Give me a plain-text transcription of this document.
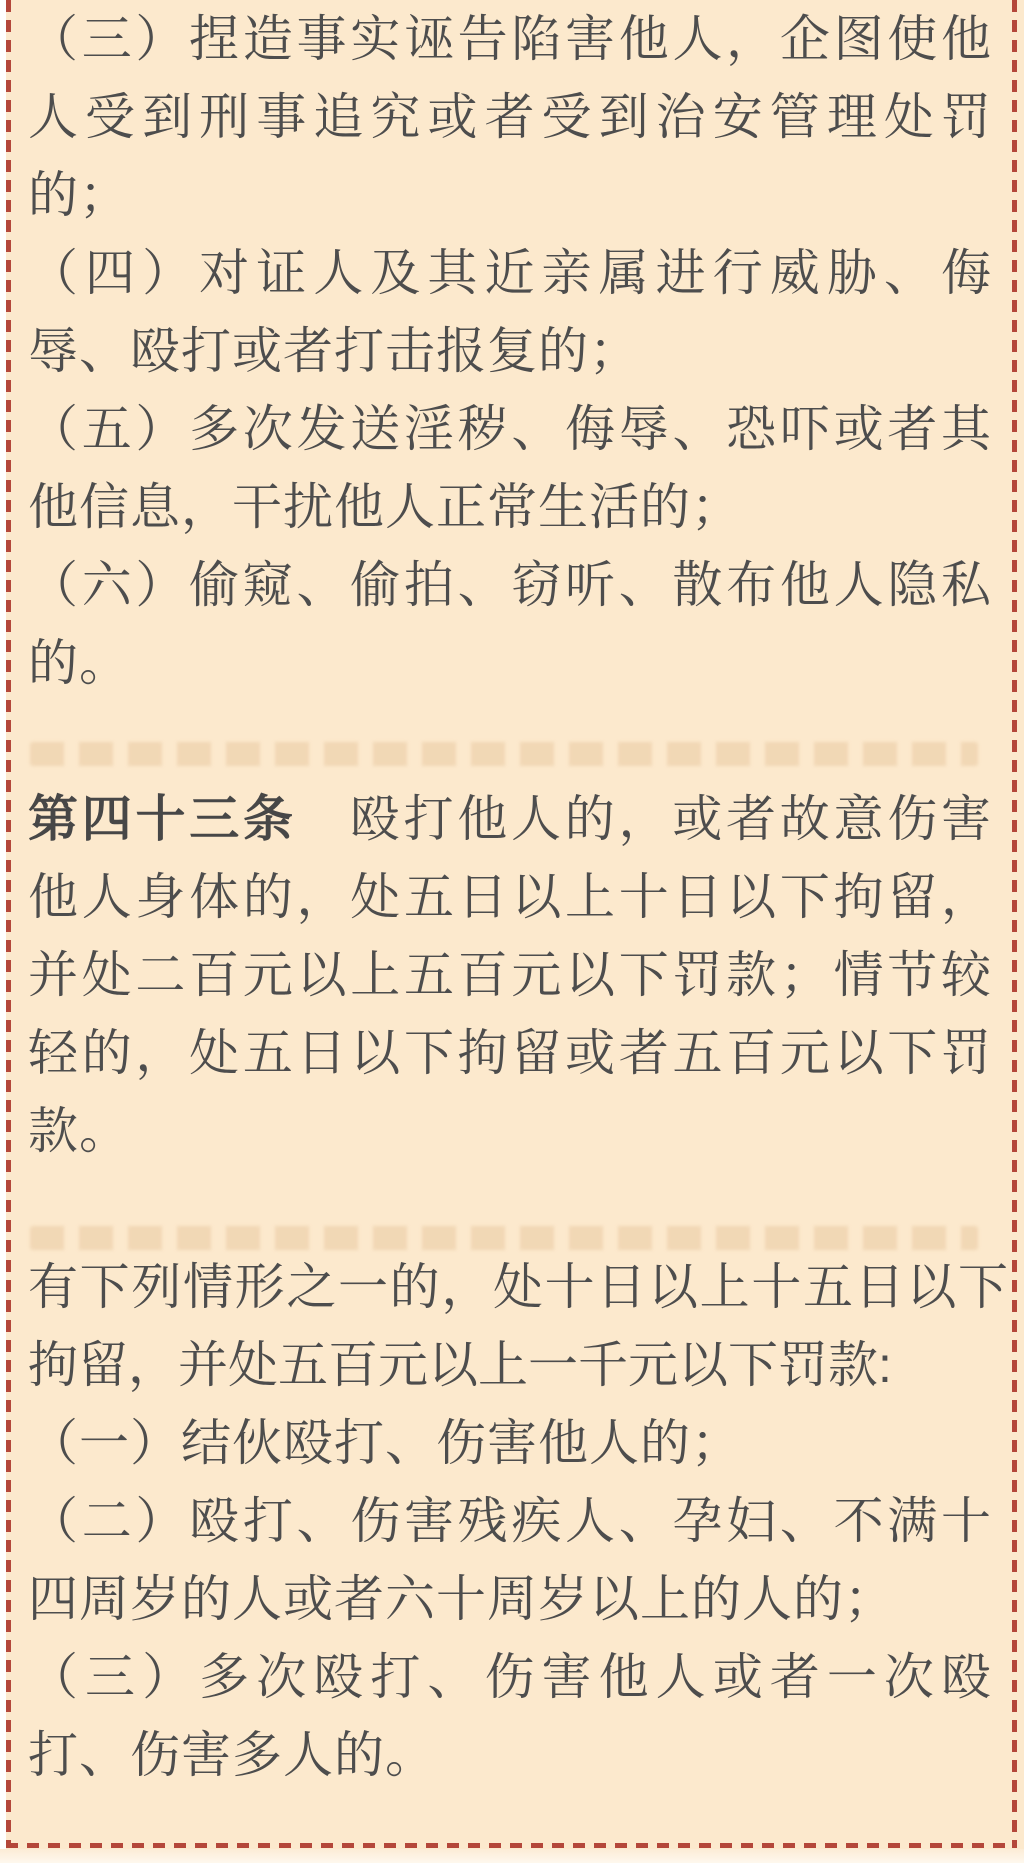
（三）捏造事实诬告陷害他人，企图使他人受到刑事追究或者受到治安管理处罚的；

（四）对证人及其近亲属进行威胁、侮辱、殴打或者打击报复的；

（五）多次发送淫秽、侮辱、恐吓或者其他信息，干扰他人正常生活的；

（六）偷窥、偷拍、窃听、散布他人隐私的。

第四十三条 殴打他人的，或者故意伤害他人身体的，处五日以上十日以下拘留，并处二百元以上五百元以下罚款；情节较轻的，处五日以下拘留或者五百元以下罚款。

有下列情形之一的，处十日以上十五日以下拘留，并处五百元以上一千元以下罚款:

（一）结伙殴打、伤害他人的；

（二）殴打、伤害残疾人、孕妇、不满十四周岁的人或者六十周岁以上的人的；

（三）多次殴打、伤害他人或者一次殴打、伤害多人的。
